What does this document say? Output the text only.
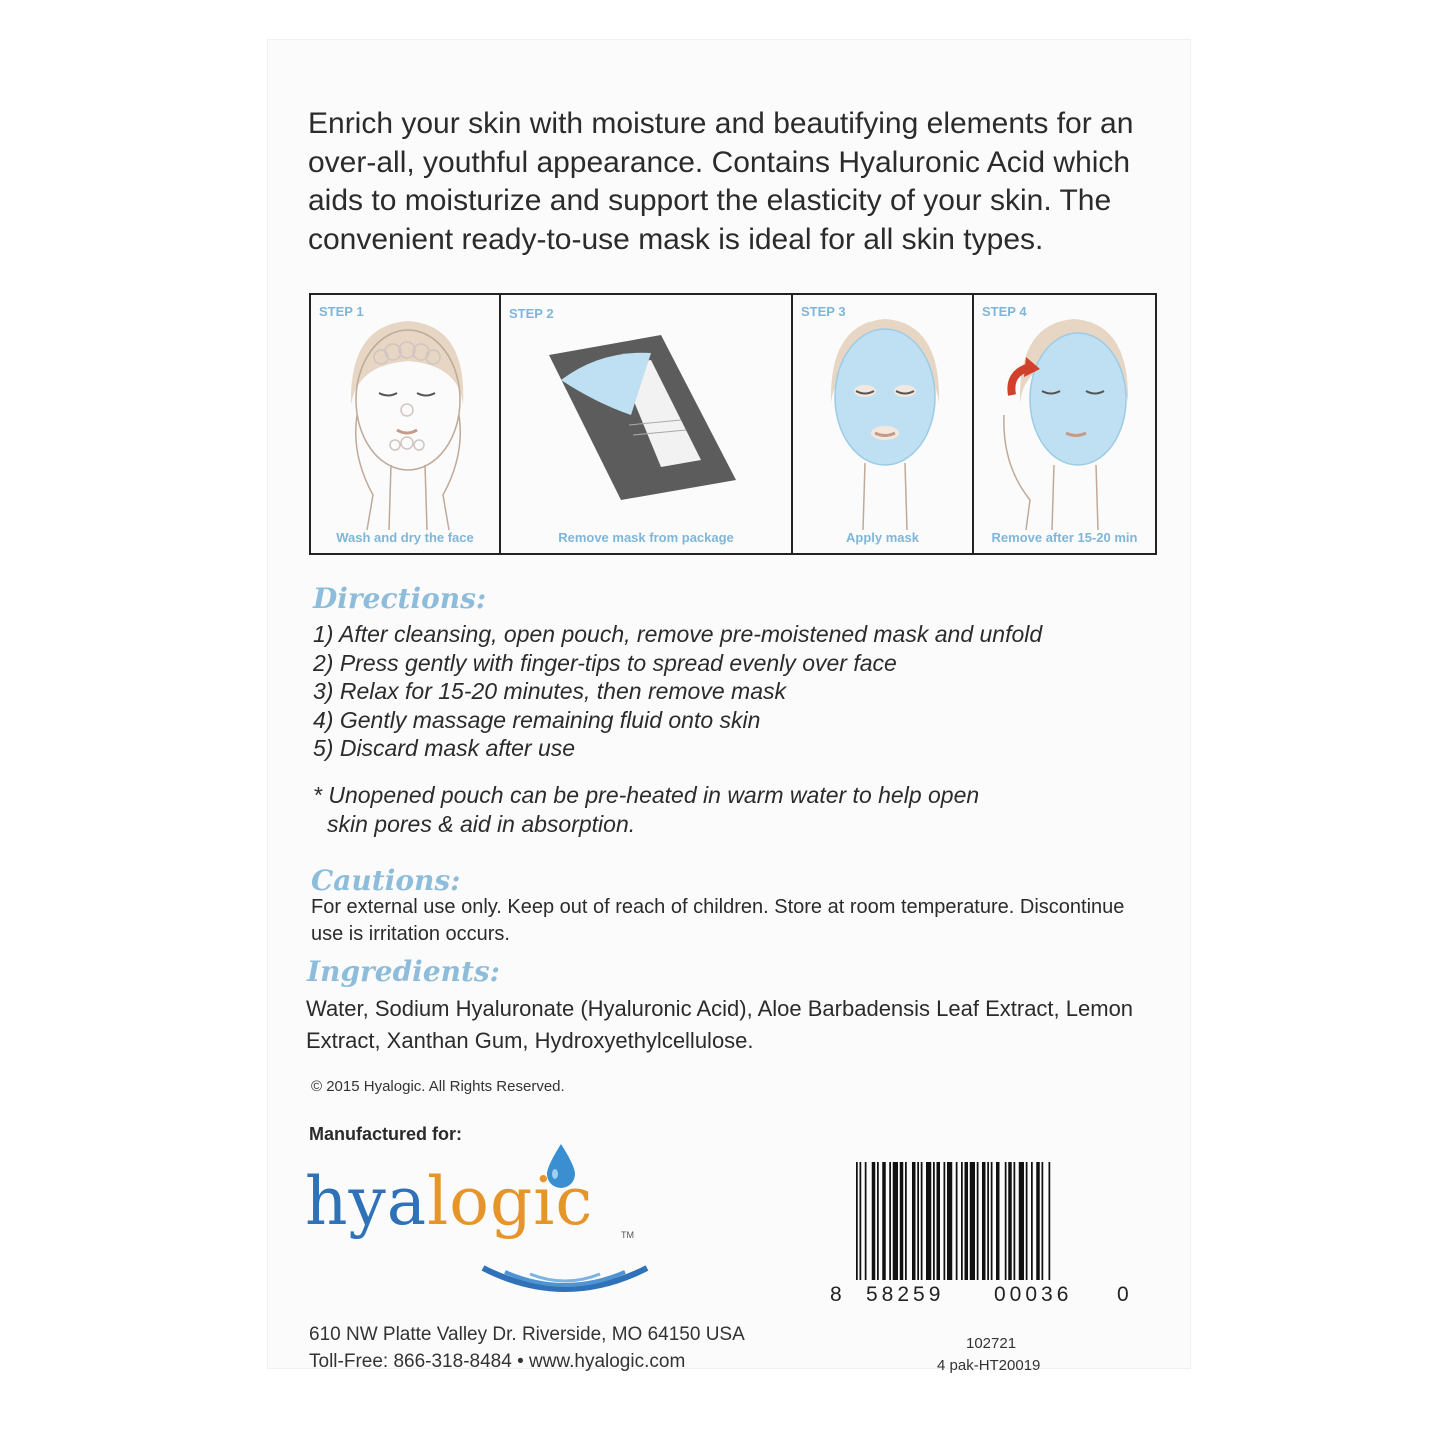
Enrich your skin with moisture and beautifying elements for an over-all, youthful appearance. Contains Hyaluronic Acid which aids to moisturize and support the elasticity of your skin. The convenient ready-to-use mask is ideal for all skin types.
STEP 1
Wash and dry the face
STEP 2
Remove mask from package
STEP 3
Apply mask
STEP 4
Remove after 15-20 min
Directions:
1) After cleansing, open pouch, remove pre-moistened mask and unfold
2) Press gently with finger-tips to spread evenly over face
3) Relax for 15-20 minutes, then remove mask
4) Gently massage remaining fluid onto skin
5) Discard mask after use
* Unopened pouch can be pre-heated in warm water to help open
skin pores & aid in absorption.
Cautions:
For external use only. Keep out of reach of children. Store at room temperature. Discontinue use is irritation occurs.
Ingredients:
Water, Sodium Hyaluronate (Hyaluronic Acid), Aloe Barbadensis Leaf Extract, Lemon Extract, Xanthan Gum, Hydroxyethylcellulose.
© 2015 Hyalogic. All Rights Reserved.
Manufactured for:
hyalogic	TM
610 NW Platte Valley Dr. Riverside, MO 64150 USA
Toll-Free: 866-318-8484 • www.hyalogic.com
8 58259 00036 0
102721
4 pak-HT20019
